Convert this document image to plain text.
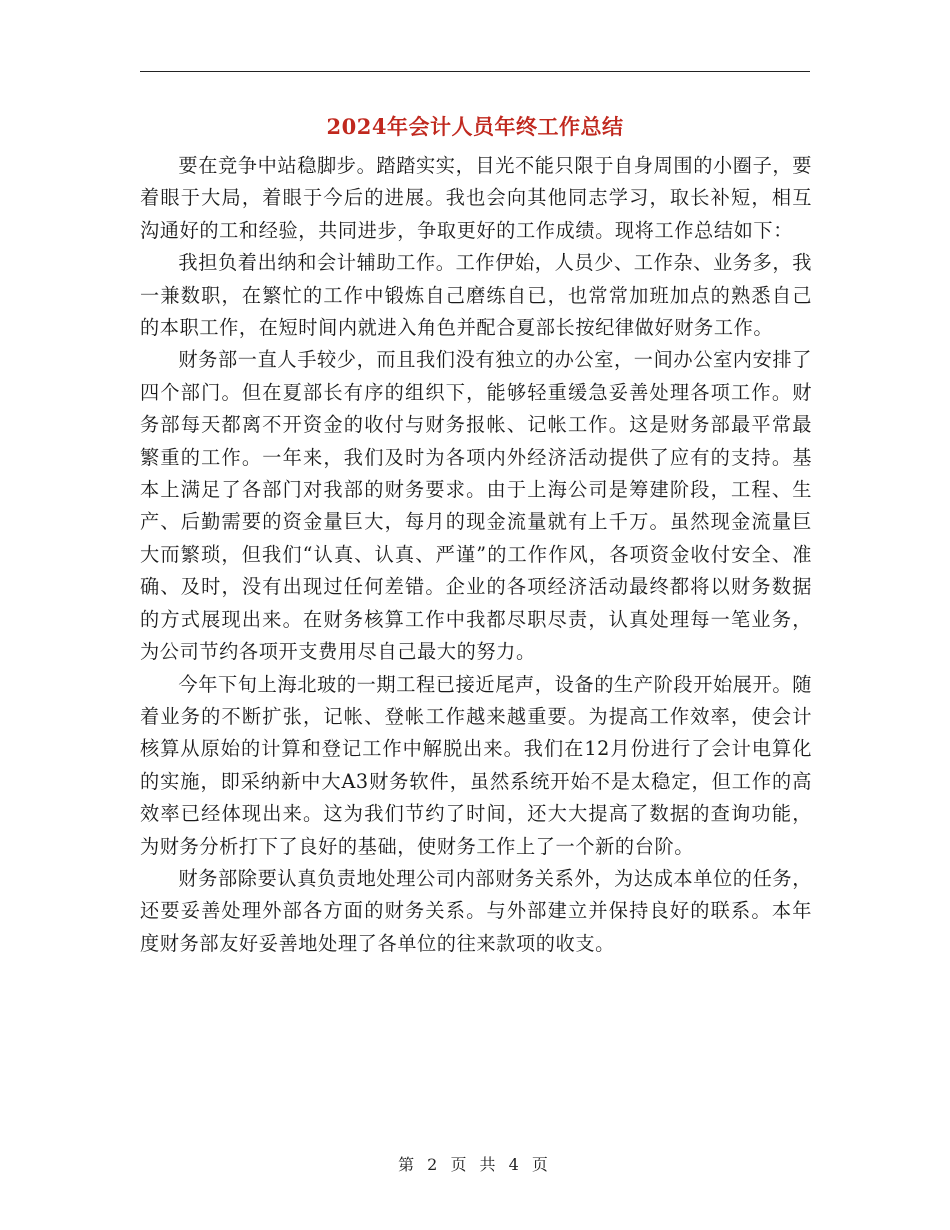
2024年会计人员年终工作总结

要在竞争中站稳脚步。踏踏实实，目光不能只限于自身周围的小圈子，要着眼于大局，着眼于今后的进展。我也会向其他同志学习，取长补短，相互沟通好的工和经验，共同进步，争取更好的工作成绩。现将工作总结如下：

我担负着出纳和会计辅助工作。工作伊始，人员少、工作杂、业务多，我一兼数职，在繁忙的工作中锻炼自己磨练自已，也常常加班加点的熟悉自己的本职工作，在短时间内就进入角色并配合夏部长按纪律做好财务工作。

财务部一直人手较少，而且我们没有独立的办公室，一间办公室内安排了四个部门。但在夏部长有序的组织下，能够轻重缓急妥善处理各项工作。财务部每天都离不开资金的收付与财务报帐、记帐工作。这是财务部最平常最繁重的工作。一年来，我们及时为各项内外经济活动提供了应有的支持。基本上满足了各部门对我部的财务要求。由于上海公司是筹建阶段，工程、生产、后勤需要的资金量巨大，每月的现金流量就有上千万。虽然现金流量巨大而繁琐，但我们“认真、认真、严谨”的工作作风，各项资金收付安全、准确、及时，没有出现过任何差错。企业的各项经济活动最终都将以财务数据的方式展现出来。在财务核算工作中我都尽职尽责，认真处理每一笔业务，为公司节约各项开支费用尽自己最大的努力。

今年下旬上海北玻的一期工程已接近尾声，设备的生产阶段开始展开。随着业务的不断扩张，记帐、登帐工作越来越重要。为提高工作效率，使会计核算从原始的计算和登记工作中解脱出来。我们在12月份进行了会计电算化的实施，即采纳新中大A3财务软件，虽然系统开始不是太稳定，但工作的高效率已经体现出来。这为我们节约了时间，还大大提高了数据的查询功能，为财务分析打下了良好的基础，使财务工作上了一个新的台阶。

财务部除要认真负责地处理公司内部财务关系外，为达成本单位的任务，还要妥善处理外部各方面的财务关系。与外部建立并保持良好的联系。本年度财务部友好妥善地处理了各单位的往来款项的收支。

第 2 页 共 4 页
